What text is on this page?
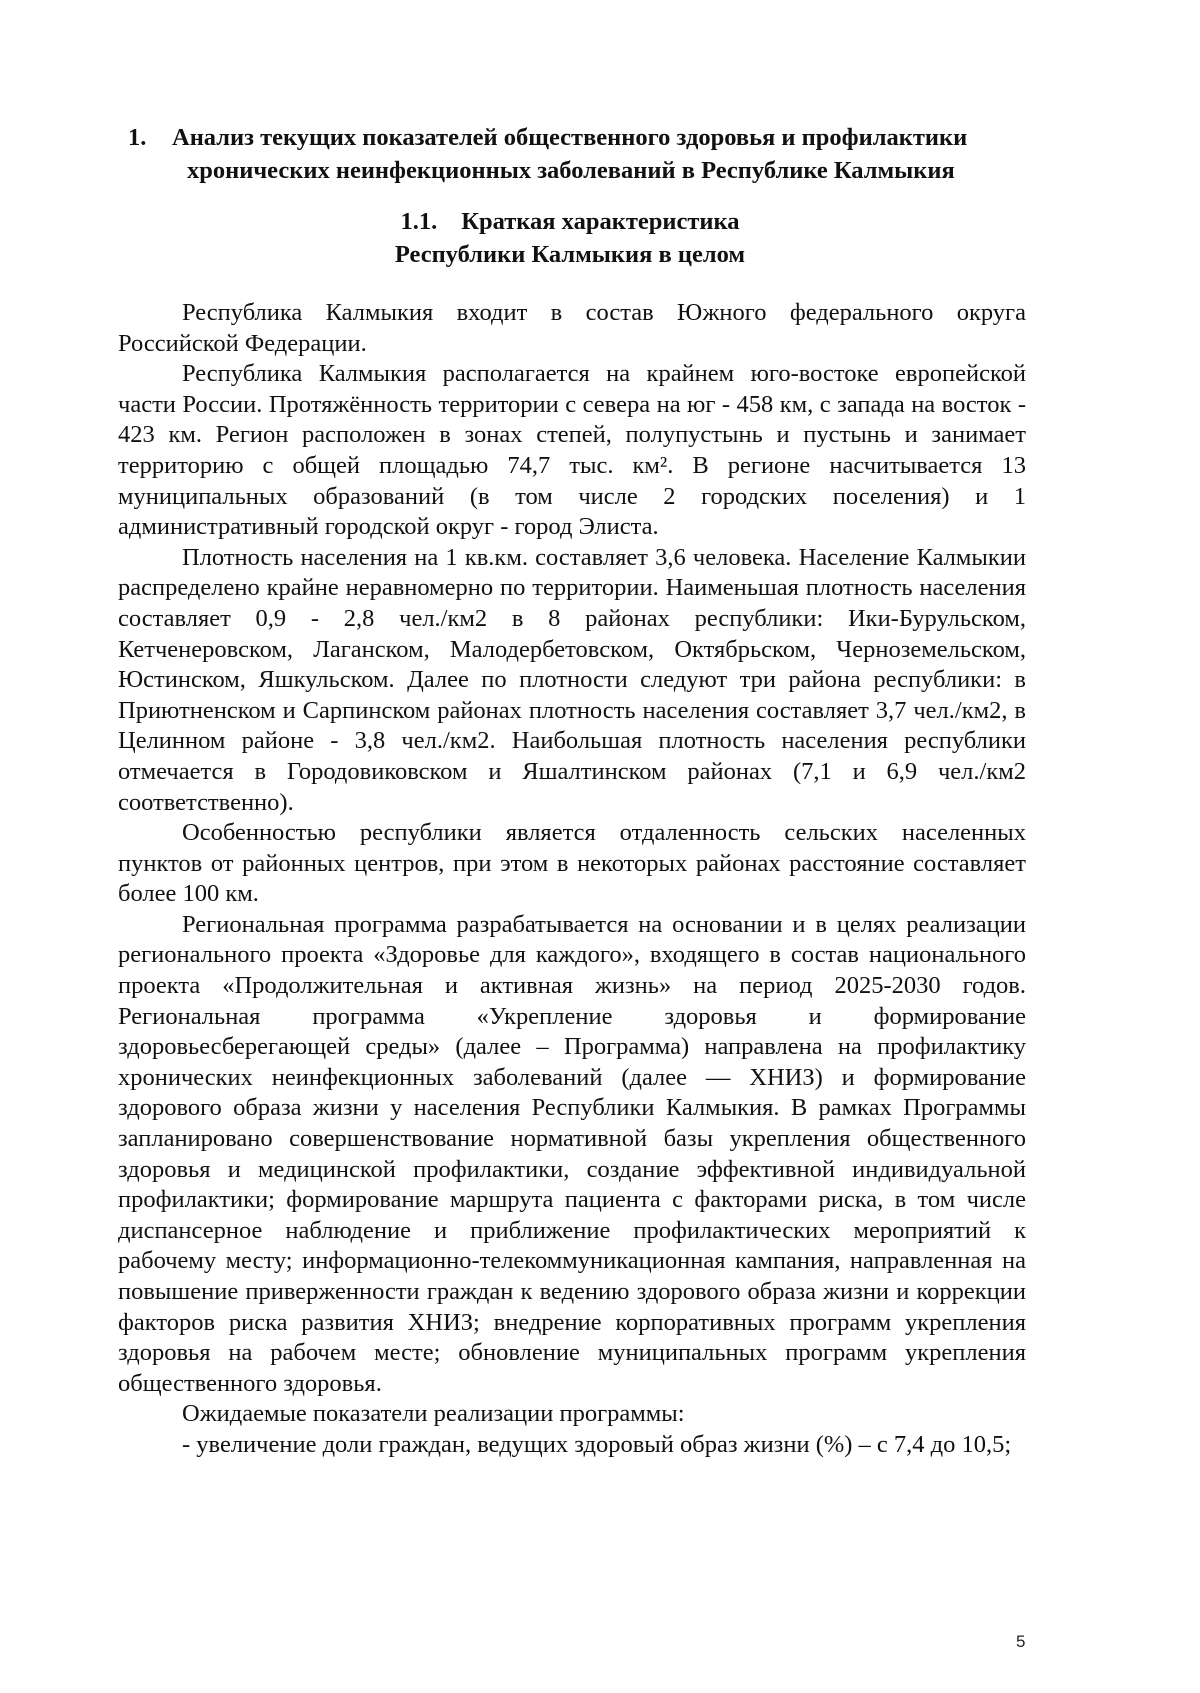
1.	Анализ текущих показателей общественного здоровья и профилактики
хронических неинфекционных заболеваний в Республике Калмыкия
1.1. Краткая характеристика
Республики Калмыкия в целом

Республика Калмыкия входит в состав Южного федерального округа Российской Федерации.

Республика Калмыкия располагается на крайнем юго-востоке европейской части России. Протяжённость территории с севера на юг - 458 км, с запада на восток - 423 км. Регион расположен в зонах степей, полупустынь и пустынь и занимает территорию с общей площадью 74,7 тыс. км². В регионе насчитывается 13 муниципальных образований (в том числе 2 городских поселения) и 1 административный городской округ - город Элиста.

Плотность населения на 1 кв.км. составляет 3,6 человека. Население Калмыкии распределено крайне неравномерно по территории. Наименьшая плотность населения составляет 0,9 - 2,8 чел./км2 в 8 районах республики: Ики-Бурульском, Кетченеровском, Лаганском, Малодербетовском, Октябрьском, Черноземельском, Юстинском, Яшкульском. Далее по плотности следуют три района республики: в Приютненском и Сарпинском районах плотность населения составляет 3,7 чел./км2, в Целинном районе - 3,8 чел./км2. Наибольшая плотность населения республики отмечается в Городовиковском и Яшалтинском районах (7,1 и 6,9 чел./км2 соответственно).

Особенностью республики является отдаленность сельских населенных пунктов от районных центров, при этом в некоторых районах расстояние составляет более 100 км.

Региональная программа разрабатывается на основании и в целях реализации регионального проекта «Здоровье для каждого», входящего в состав национального проекта «Продолжительная и активная жизнь» на период 2025-2030 годов. Региональная программа «Укрепление здоровья и формирование здоровьесберегающей среды» (далее – Программа) направлена на профилактику хронических неинфекционных заболеваний (далее — ХНИЗ) и формирование здорового образа жизни у населения Республики Калмыкия. В рамках Программы запланировано совершенствование нормативной базы укрепления общественного здоровья и медицинской профилактики, создание эффективной индивидуальной профилактики; формирование маршрута пациента с факторами риска, в том числе диспансерное наблюдение и приближение профилактических мероприятий к рабочему месту; информационно-телекоммуникационная кампания, направленная на повышение приверженности граждан к ведению здорового образа жизни и коррекции факторов риска развития ХНИЗ; внедрение корпоративных программ укрепления здоровья на рабочем месте; обновление муниципальных программ укрепления общественного здоровья.

Ожидаемые показатели реализации программы:

- увеличение доли граждан, ведущих здоровый образ жизни (%) – с 7,4 до 10,5;

5
